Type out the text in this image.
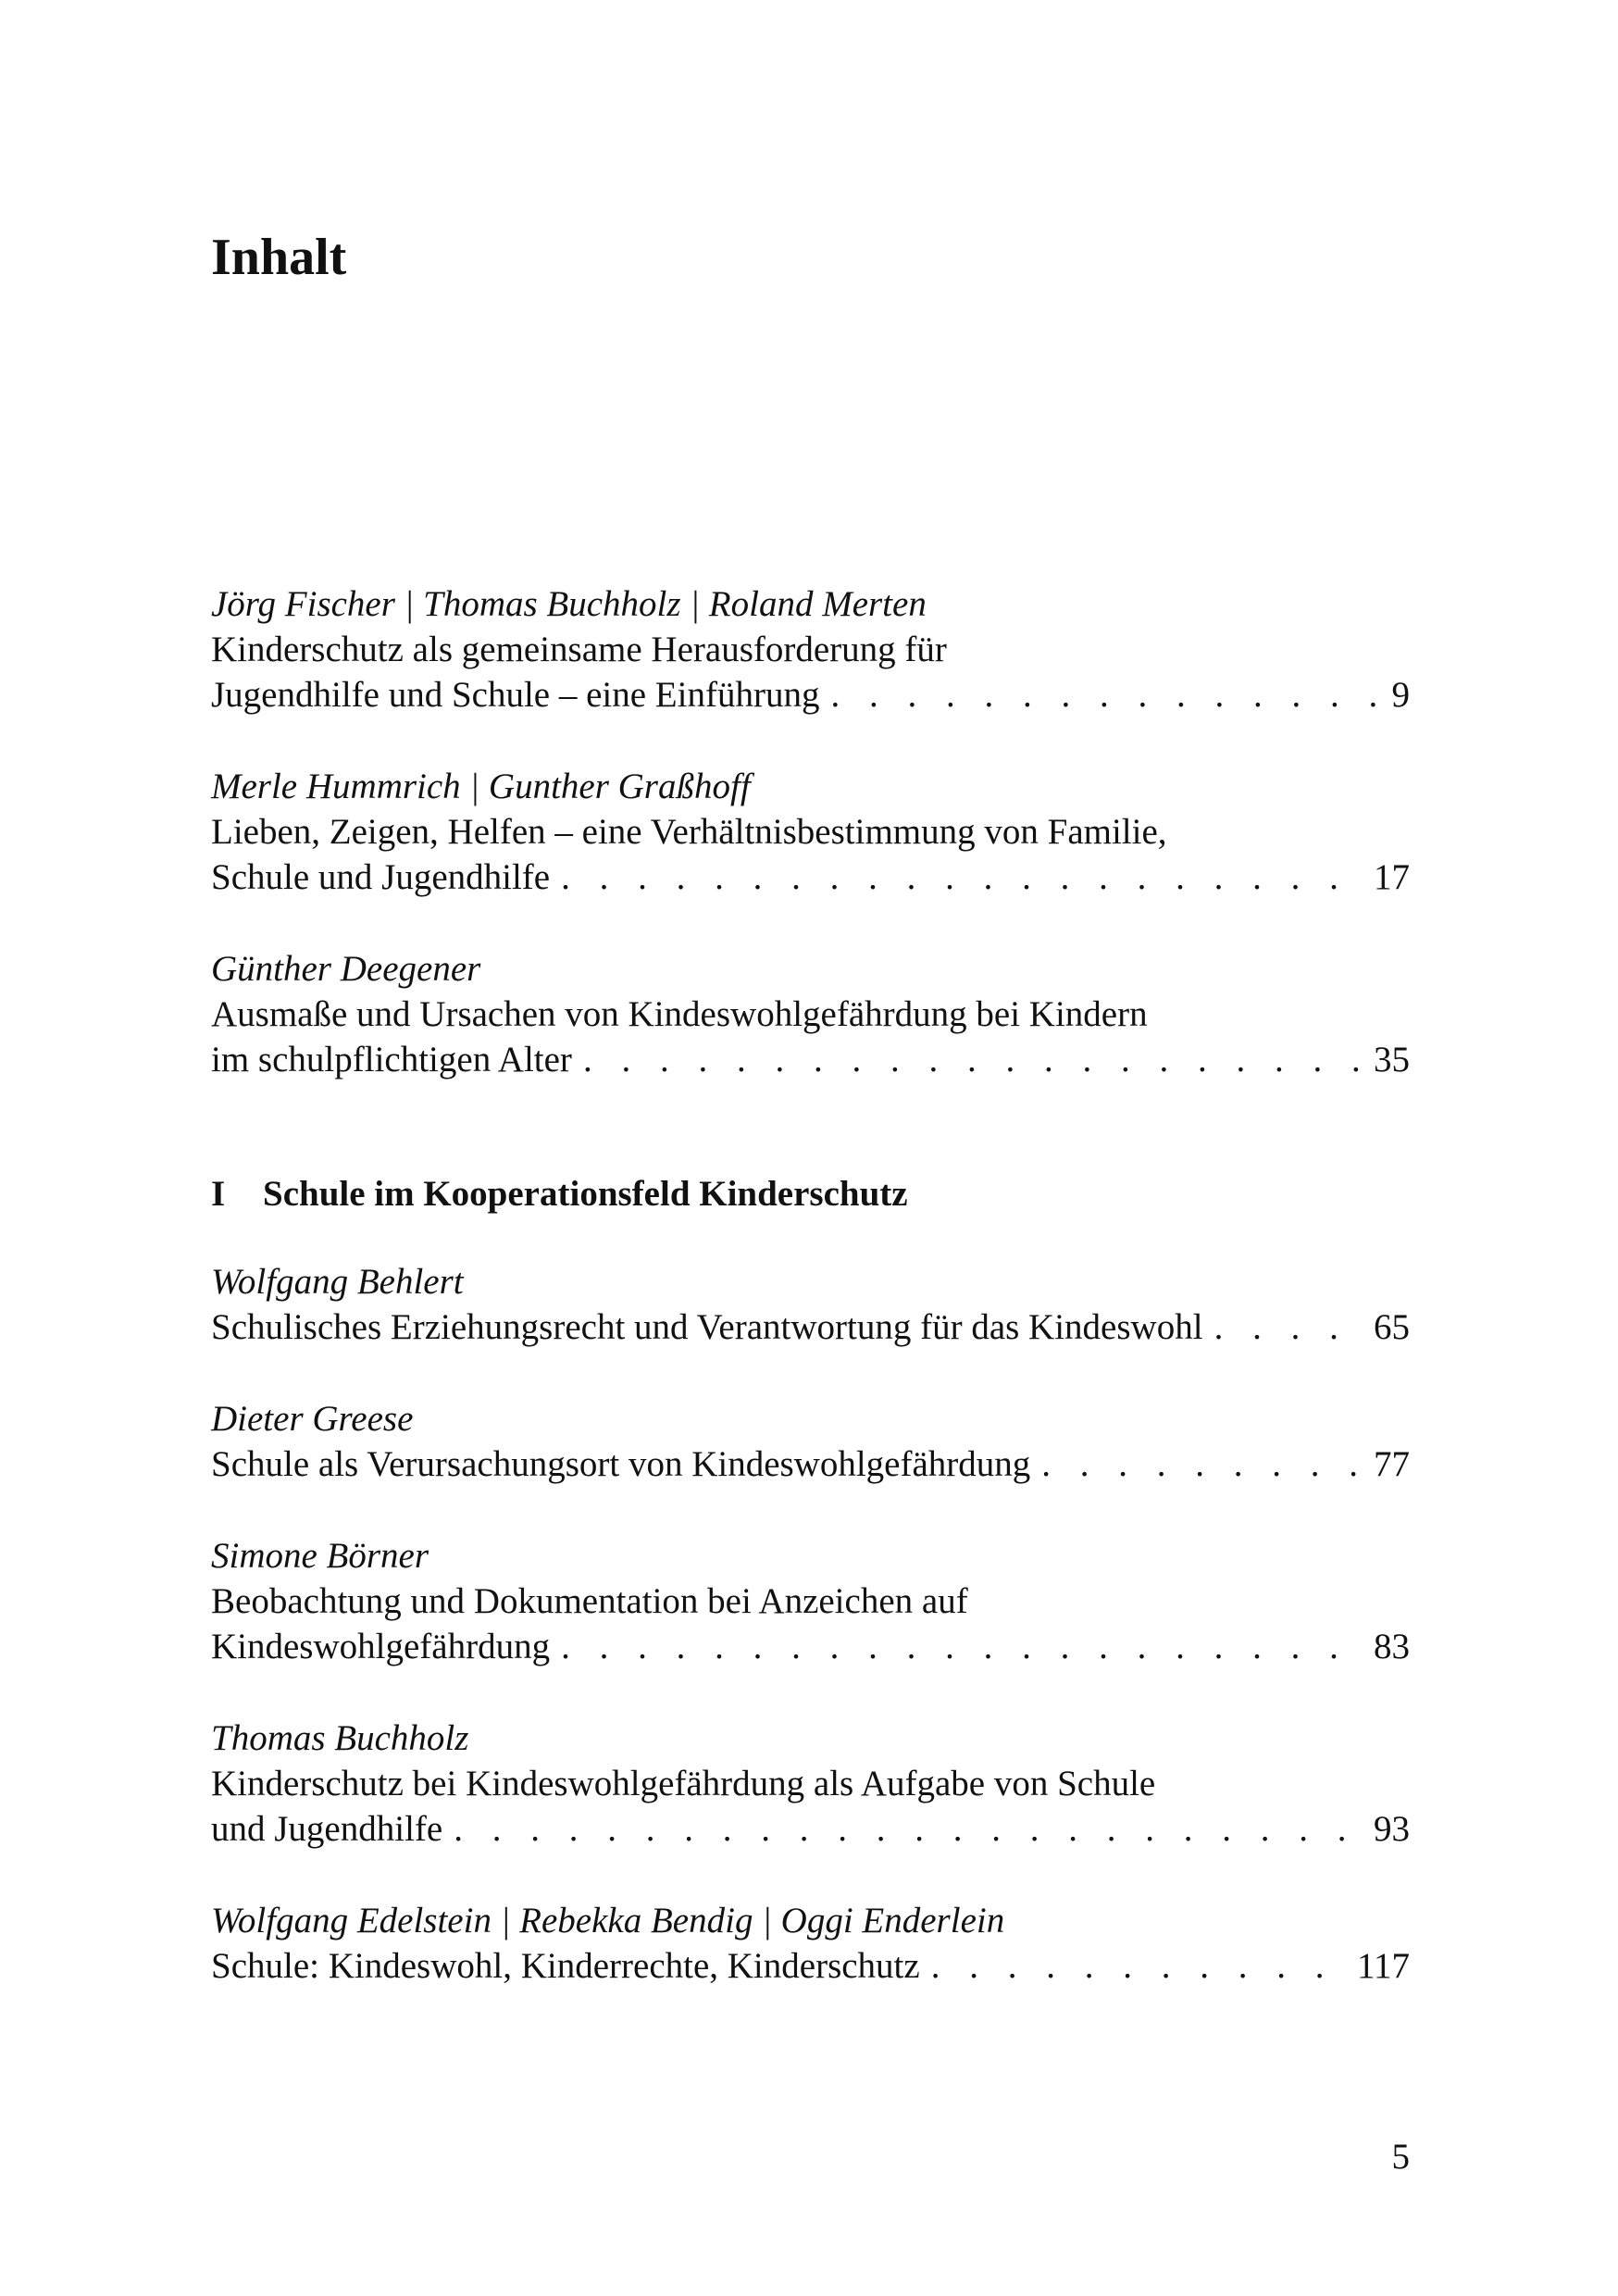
Inhalt
Jörg Fischer | Thomas Buchholz | Roland Merten
Kinderschutz als gemeinsame Herausforderung für
Jugendhilfe und Schule – eine Einführung . . .	9
Merle Hummrich | Gunther Graßhoff
Lieben, Zeigen, Helfen – eine Verhältnisbestimmung von Familie,
Schule und Jugendhilfe . . .	17
Günther Deegener
Ausmaße und Ursachen von Kindeswohlgefährdung bei Kindern
im schulpflichtigen Alter . . .	35
I	Schule im Kooperationsfeld Kinderschutz
Wolfgang Behlert
Schulisches Erziehungsrecht und Verantwortung für das Kindeswohl . . .	65
Dieter Greese
Schule als Verursachungsort von Kindeswohlgefährdung . . .	77
Simone Börner
Beobachtung und Dokumentation bei Anzeichen auf
Kindeswohlgefährdung . . .	83
Thomas Buchholz
Kinderschutz bei Kindeswohlgefährdung als Aufgabe von Schule
und Jugendhilfe . . .	93
Wolfgang Edelstein | Rebekka Bendig | Oggi Enderlein
Schule: Kindeswohl, Kinderrechte, Kinderschutz . . .	117
5
